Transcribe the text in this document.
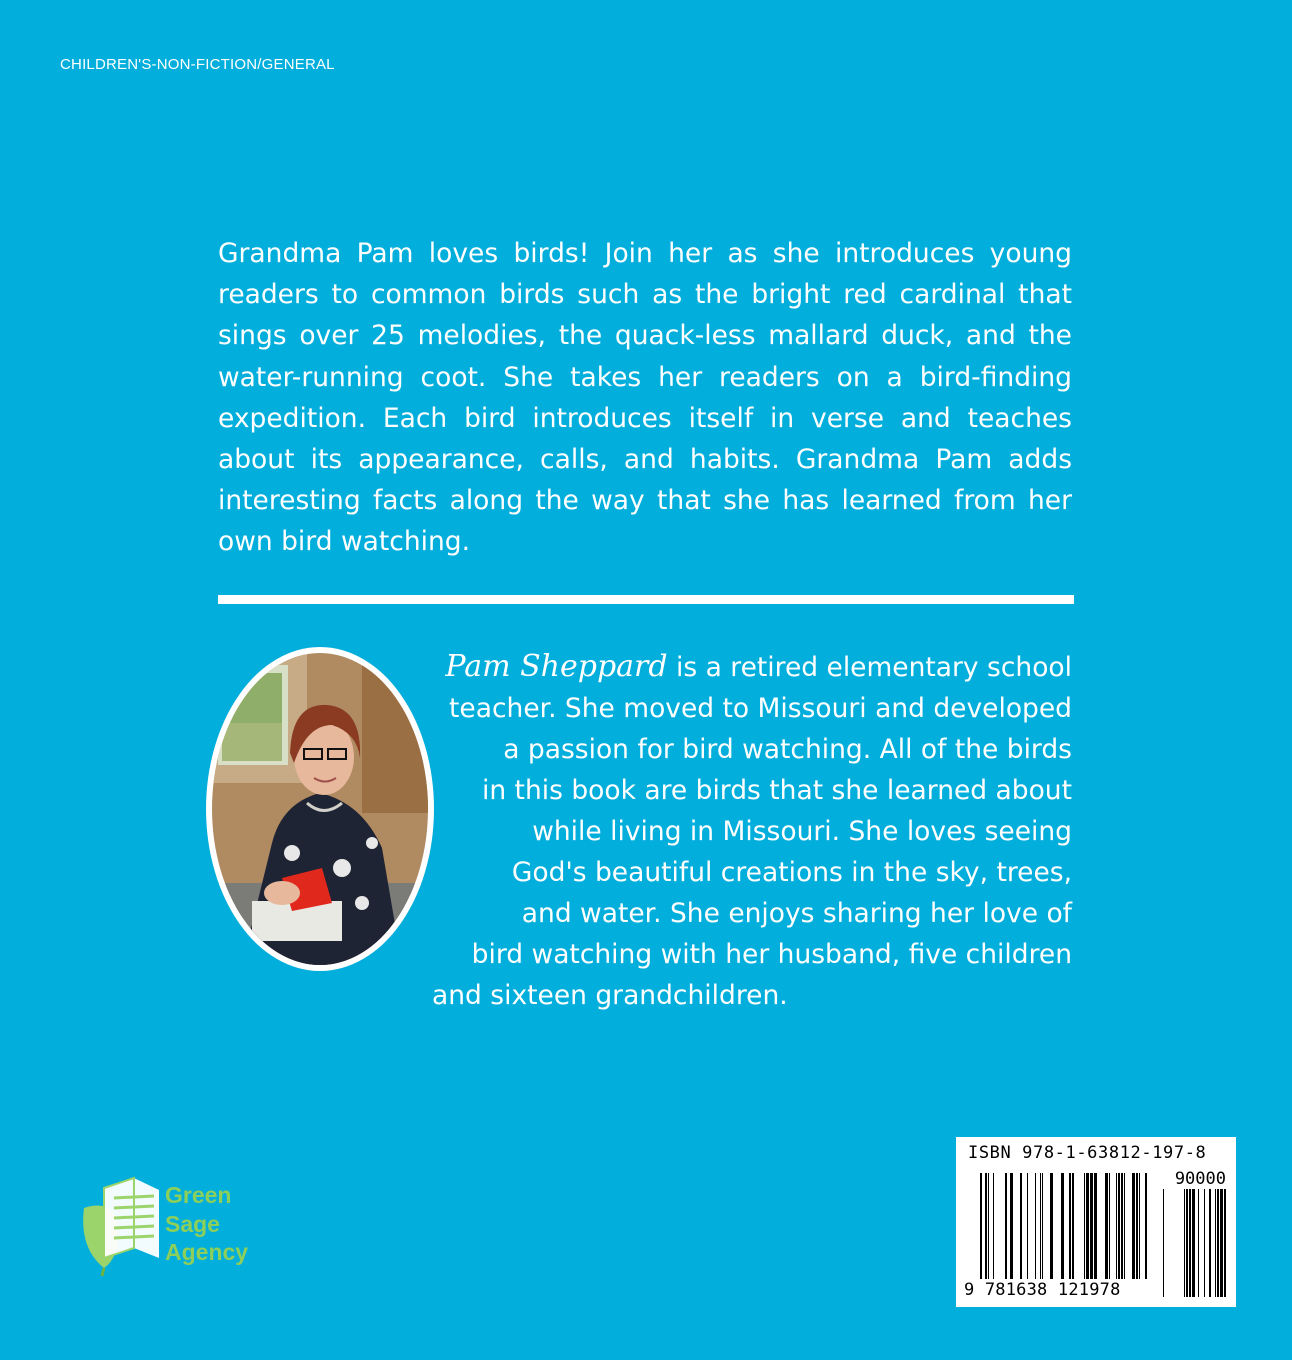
CHILDREN'S-NON-FICTION/GENERAL

Grandma Pam loves birds! Join her as she introduces young readers to common birds such as the bright red cardinal that sings over 25 melodies, the quack-less mallard duck, and the water-running coot. She takes her readers on a bird-finding expedition. Each bird introduces itself in verse and teaches about its appearance, calls, and habits. Grandma Pam adds interesting facts along the way that she has learned from her own bird watching.

Pam Sheppard is a retired elementary school
teacher. She moved to Missouri and developed
a passion for bird watching. All of the birds
in this book are birds that she learned about
while living in Missouri. She loves seeing
God's beautiful creations in the sky, trees,
and water. She enjoys sharing her love of
bird watching with her husband, five children
and sixteen grandchildren.
Green
Sage
Agency
ISBN 978-1-63812-197-8
90000
9 781638 121978
